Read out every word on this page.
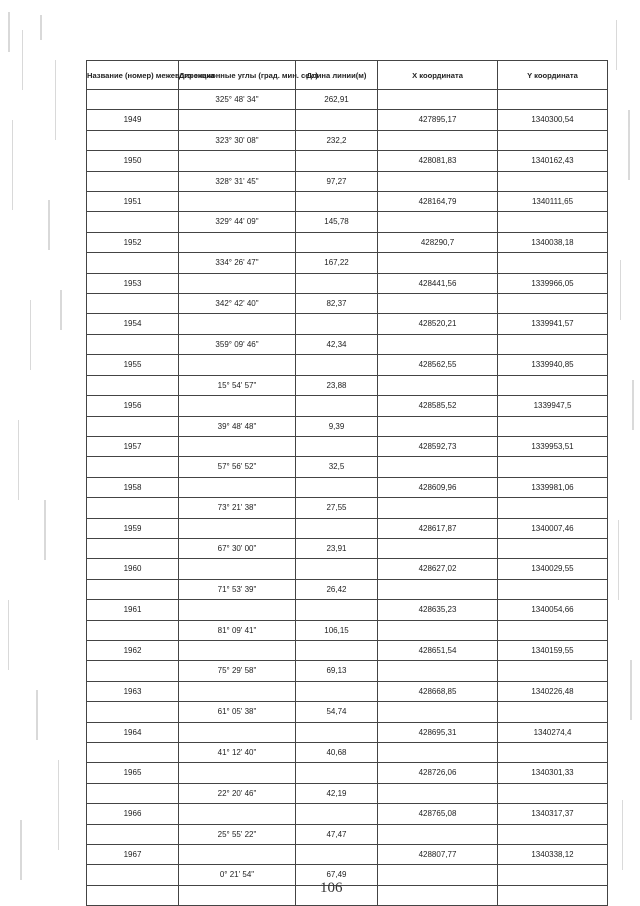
Название (номер) межевого знака	Дирекционные углы (град. мин. сек.)	Длина линии(м)	Х координата	Y координата
	325° 48' 34"	262,91		
1949			427895,17	1340300,54
	323° 30' 08"	232,2		
1950			428081,83	1340162,43
	328° 31' 45"	97,27		
1951			428164,79	1340111,65
	329° 44' 09"	145,78		
1952			428290,7	1340038,18
	334° 26' 47"	167,22		
1953			428441,56	1339966,05
	342° 42' 40"	82,37		
1954			428520,21	1339941,57
	359° 09' 46"	42,34		
1955			428562,55	1339940,85
	15° 54' 57"	23,88		
1956			428585,52	1339947,5
	39° 48' 48"	9,39		
1957			428592,73	1339953,51
	57° 56' 52"	32,5		
1958			428609,96	1339981,06
	73° 21' 38"	27,55		
1959			428617,87	1340007,46
	67° 30' 00"	23,91		
1960			428627,02	1340029,55
	71° 53' 39"	26,42		
1961			428635,23	1340054,66
	81° 09' 41"	106,15		
1962			428651,54	1340159,55
	75° 29' 58"	69,13		
1963			428668,85	1340226,48
	61° 05' 38"	54,74		
1964			428695,31	1340274,4
	41° 12' 40"	40,68		
1965			428726,06	1340301,33
	22° 20' 46"	42,19		
1966			428765,08	1340317,37
	25° 55' 22"	47,47		
1967			428807,77	1340338,12
	0° 21' 54"	67,49		

106
